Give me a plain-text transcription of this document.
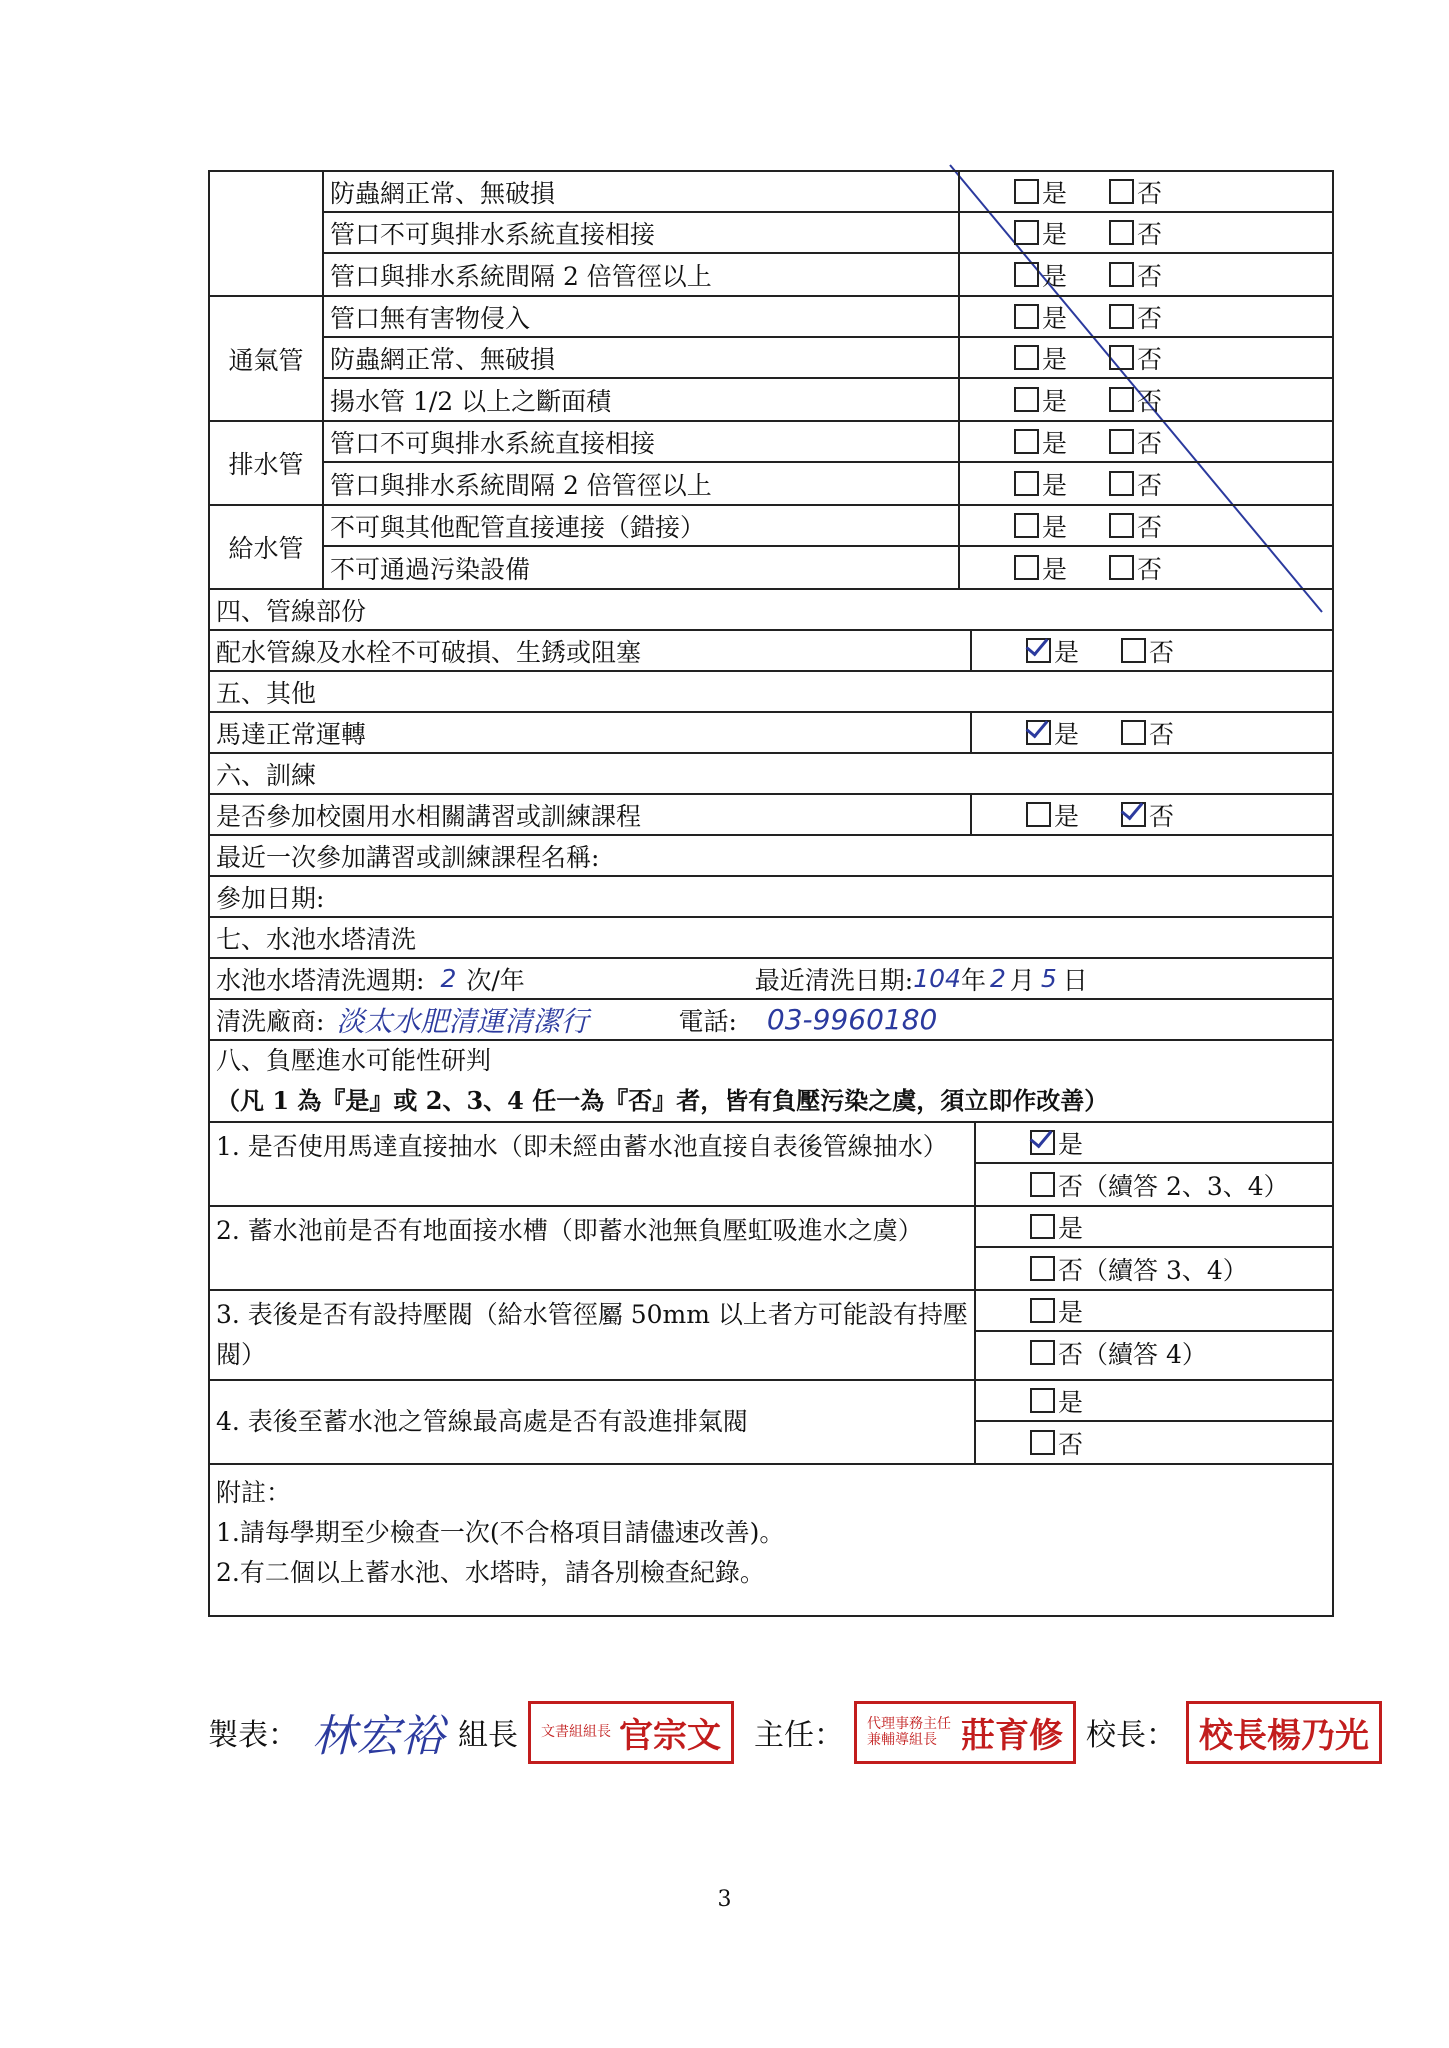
防蟲網正常、無破損	是	否
管口不可與排水系統直接相接	是	否
管口與排水系統間隔 2 倍管徑以上	是	否
通氣管
管口無有害物侵入	是	否
防蟲網正常、無破損	是	否
揚水管 1/2 以上之斷面積	是	否
排水管
管口不可與排水系統直接相接	是	否
管口與排水系統間隔 2 倍管徑以上	是	否
給水管
不可與其他配管直接連接（錯接）	是	否
不可通過污染設備	是	否
四、管線部份
配水管線及水栓不可破損、生銹或阻塞	是	否
五、其他
馬達正常運轉	是	否
六、訓練
是否參加校園用水相關講習或訓練課程	是	否
最近一次參加講習或訓練課程名稱:
參加日期:
七、水池水塔清洗
水池水塔清洗週期: 2 次/年	最近清洗日期: 104 年 2 月 5 日
清洗廠商: 淡太水肥清運清潔行	電話: 03-9960180
八、負壓進水可能性研判
（凡 1 為『是』或 2、3、4 任一為『否』者，皆有負壓污染之虞，須立即作改善）
1. 是否使用馬達直接抽水（即未經由蓄水池直接自表後管線抽水）	是
否（續答 2、3、4）
2. 蓄水池前是否有地面接水槽（即蓄水池無負壓虹吸進水之虞）	是
否（續答 3、4）
3. 表後是否有設持壓閥（給水管徑屬 50mm 以上者方可能設有持壓閥）
是
否（續答 4）
4. 表後至蓄水池之管線最高處是否有設進排氣閥
是
否
附註：
1.請每學期至少檢查一次(不合格項目請儘速改善)。
2.有二個以上蓄水池、水塔時，請各別檢查紀錄。
製表： 林宏裕 組長 文書組組長 官宗文 主任： 代理事務主任 兼輔導組長 莊育修 校長： 校長楊乃光
3
